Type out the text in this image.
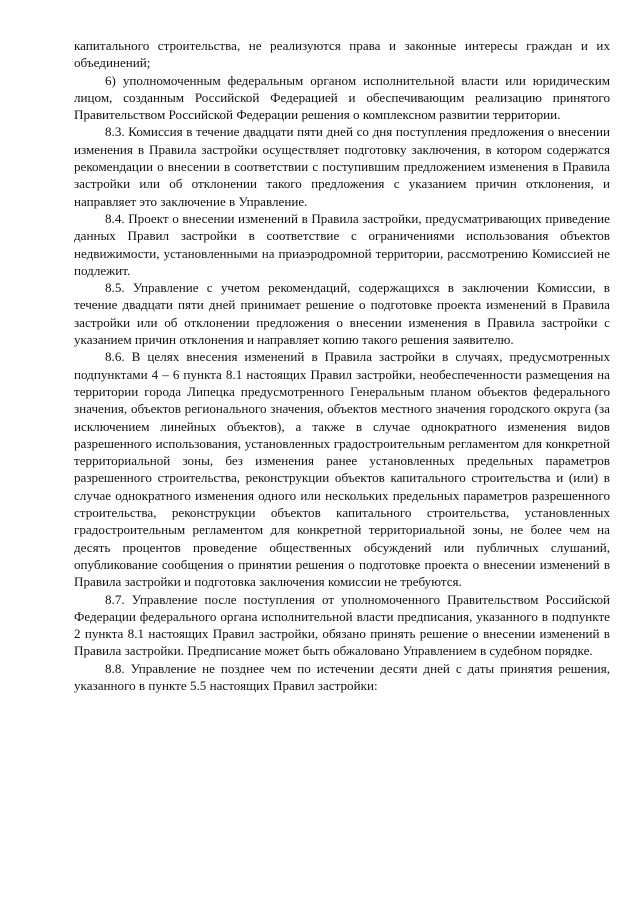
капитального строительства, не реализуются права и законные интересы граждан и их объединений;

6) уполномоченным федеральным органом исполнительной власти или юридическим лицом, созданным Российской Федерацией и обеспечивающим реализацию принятого Правительством Российской Федерации решения о комплексном развитии территории.

8.3. Комиссия в течение двадцати пяти дней со дня поступления предложения о внесении изменения в Правила застройки осуществляет подготовку заключения, в котором содержатся рекомендации о внесении в соответствии с поступившим предложением изменения в Правила застройки или об отклонении такого предложения с указанием причин отклонения, и направляет это заключение в Управление.

8.4. Проект о внесении изменений в Правила застройки, предусматривающих приведение данных Правил застройки в соответствие с ограничениями использования объектов недвижимости, установленными на приаэродромной территории, рассмотрению Комиссией не подлежит.

8.5. Управление с учетом рекомендаций, содержащихся в заключении Комиссии, в течение двадцати пяти дней принимает решение о подготовке проекта изменений в Правила застройки или об отклонении предложения о внесении изменения в Правила застройки с указанием причин отклонения и направляет копию такого решения заявителю.

8.6. В целях внесения изменений в Правила застройки в случаях, предусмотренных подпунктами 4 – 6 пункта 8.1 настоящих Правил застройки, необеспеченности размещения на территории города Липецка предусмотренного Генеральным планом объектов федерального значения, объектов регионального значения, объектов местного значения городского округа (за исключением линейных объектов), а также в случае однократного изменения видов разрешенного использования, установленных градостроительным регламентом для конкретной территориальной зоны, без изменения ранее установленных предельных параметров разрешенного строительства, реконструкции объектов капитального строительства и (или) в случае однократного изменения одного или нескольких предельных параметров разрешенного строительства, реконструкции объектов капитального строительства, установленных градостроительным регламентом для конкретной территориальной зоны, не более чем на десять процентов проведение общественных обсуждений или публичных слушаний, опубликование сообщения о принятии решения о подготовке проекта о внесении изменений в Правила застройки и подготовка заключения комиссии не требуются.

8.7. Управление после поступления от уполномоченного Правительством Российской Федерации федерального органа исполнительной власти предписания, указанного в подпункте 2 пункта 8.1 настоящих Правил застройки, обязано принять решение о внесении изменений в Правила застройки. Предписание может быть обжаловано Управлением в судебном порядке.

8.8. Управление не позднее чем по истечении десяти дней с даты принятия решения, указанного в пункте 5.5 настоящих Правил застройки:
